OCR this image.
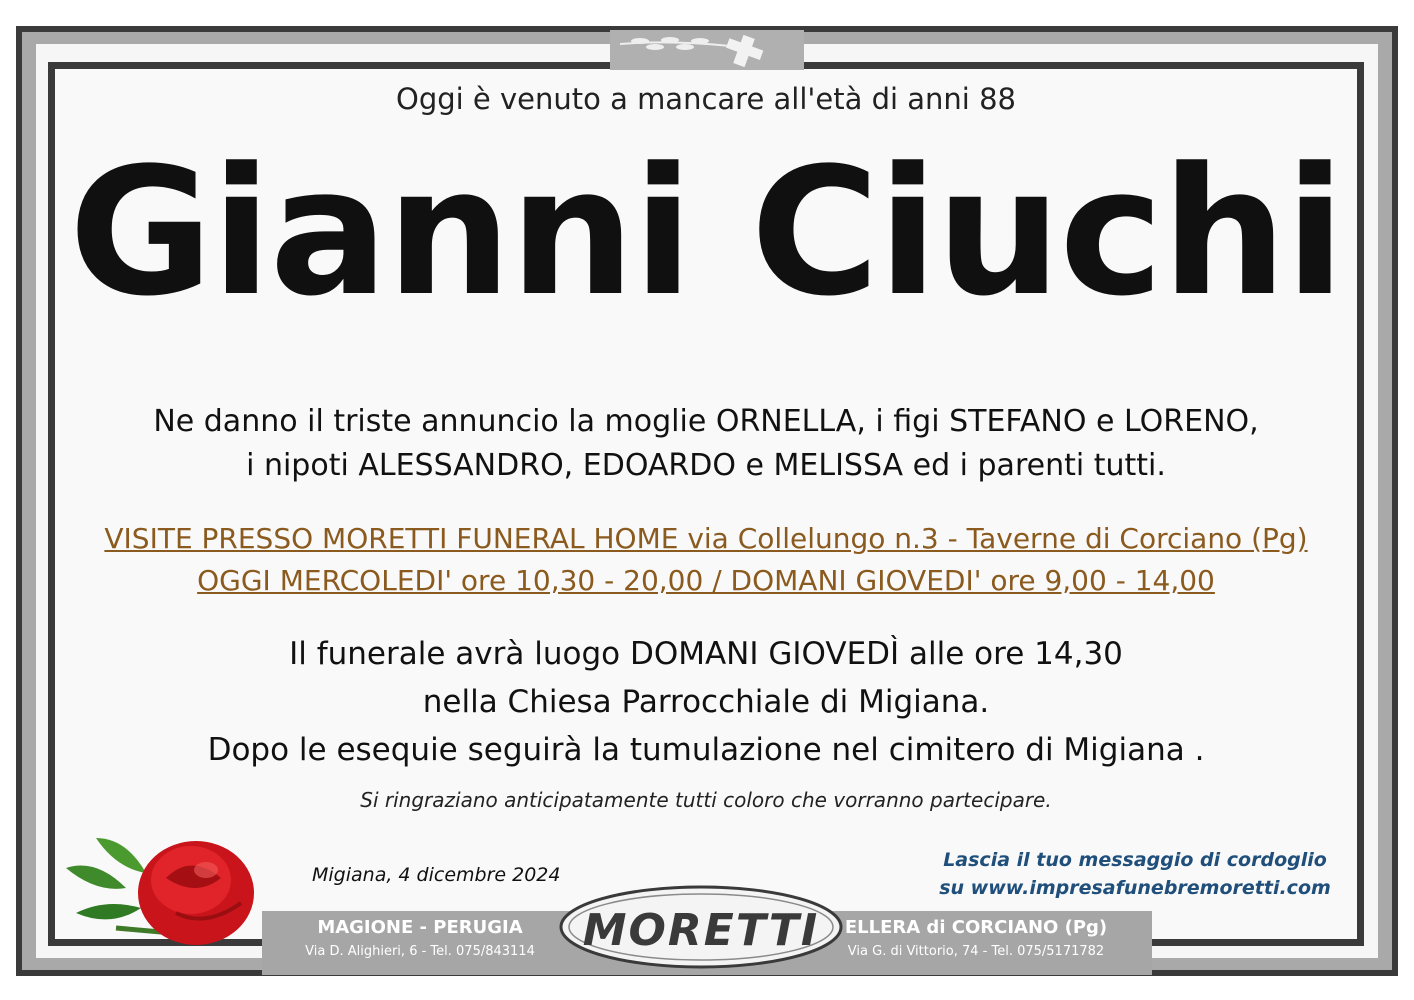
Oggi è venuto a mancare all'età di anni 88
Gianni Ciuchi
Ne danno il triste annuncio la moglie ORNELLA, i figi STEFANO e LORENO,
i nipoti ALESSANDRO, EDOARDO e MELISSA ed i parenti tutti.
VISITE PRESSO MORETTI FUNERAL HOME via Collelungo n.3 - Taverne di Corciano (Pg)
OGGI MERCOLEDI' ore 10,30 - 20,00 / DOMANI GIOVEDI' ore 9,00 - 14,00
Il funerale avrà luogo DOMANI GIOVEDÌ alle ore 14,30
nella Chiesa Parrocchiale di Migiana.
Dopo le esequie seguirà la tumulazione nel cimitero di Migiana .
Si ringraziano anticipatamente tutti coloro che vorranno partecipare.
Migiana, 4 dicembre 2024
Lascia il tuo messaggio di cordoglio
su www.impresafunebremoretti.com
MAGIONE - PERUGIA
Via D. Alighieri, 6 - Tel. 075/843114	MORETTI	ELLERA di CORCIANO (Pg)
Via G. di Vittorio, 74 - Tel. 075/5171782
